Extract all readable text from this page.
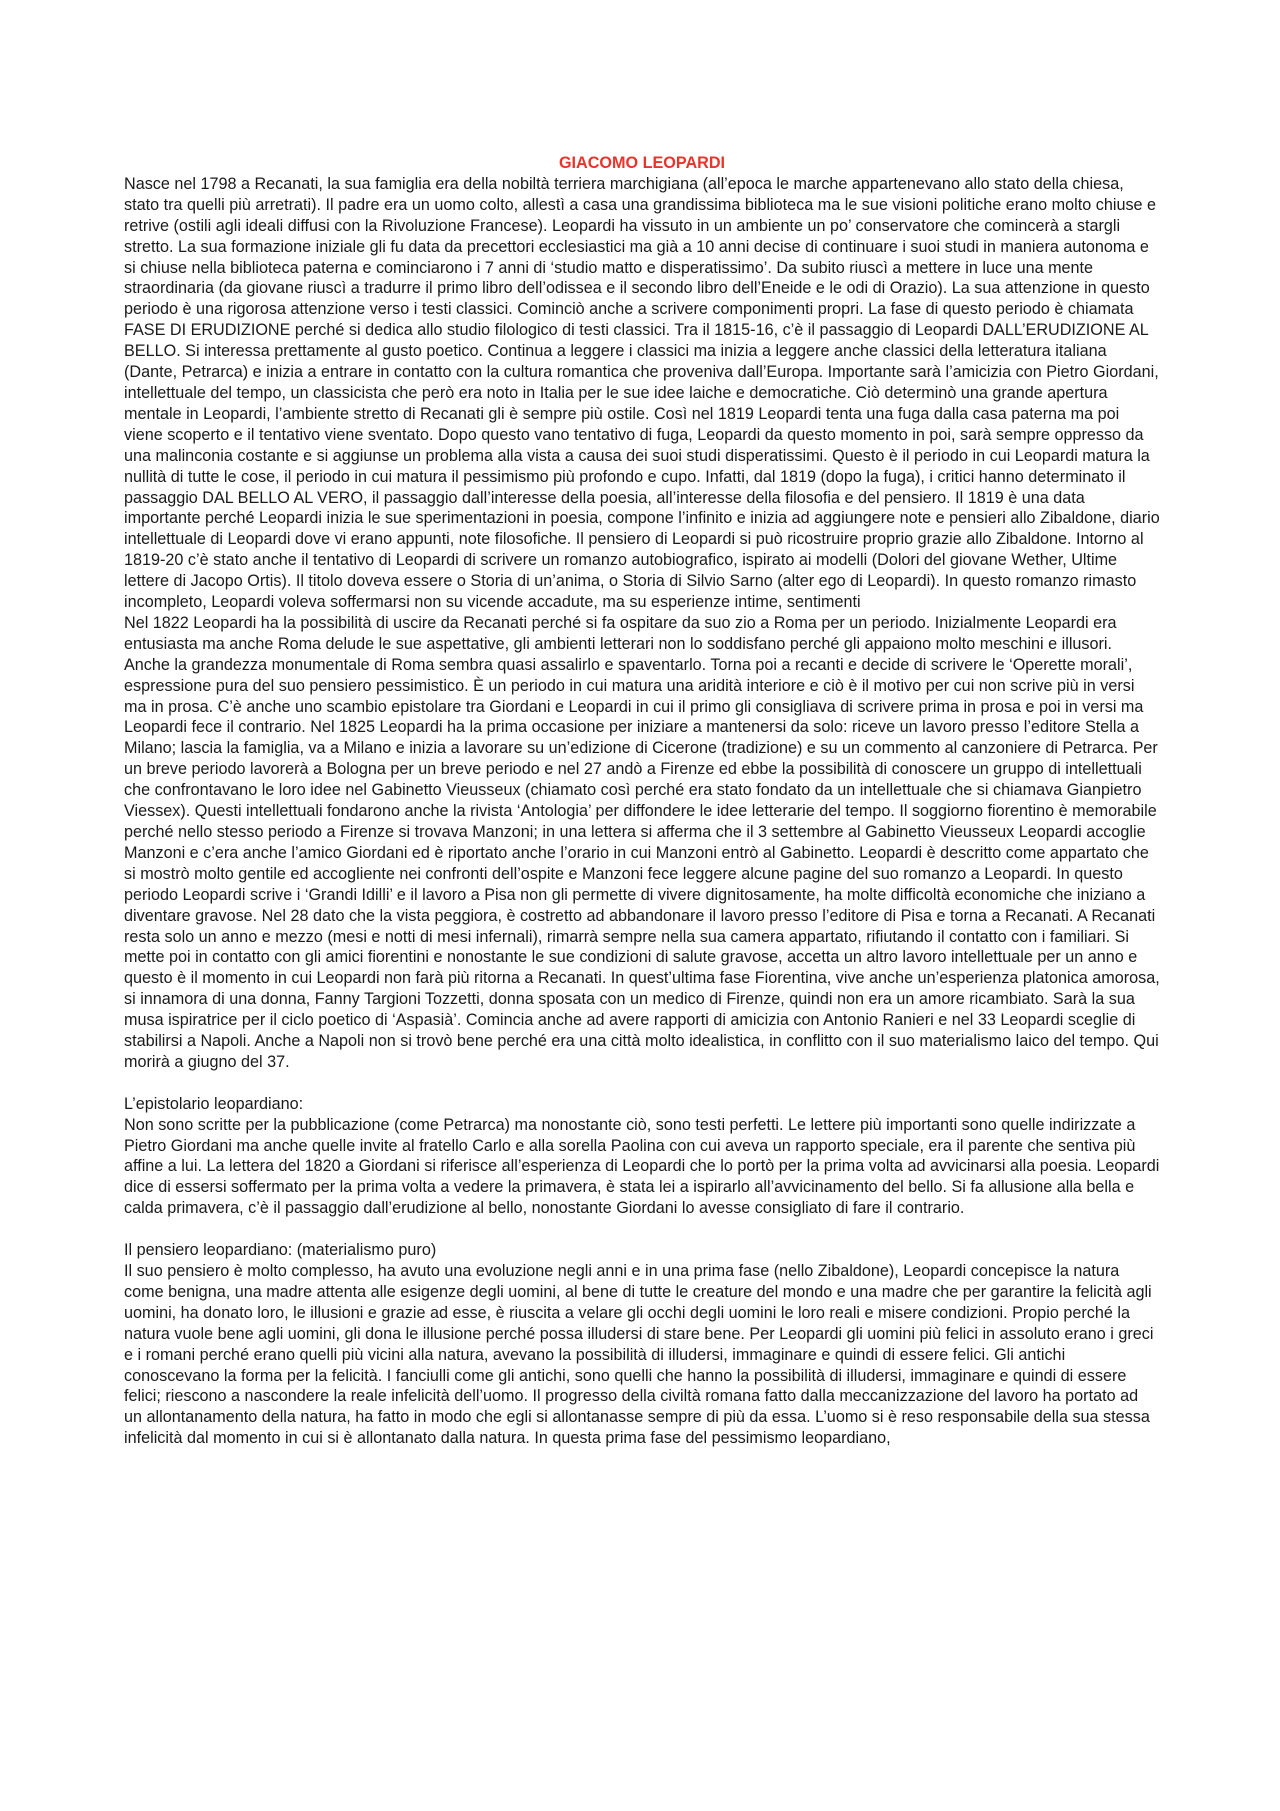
GIACOMO LEOPARDI

Nasce nel 1798 a Recanati, la sua famiglia era della nobiltà terriera marchigiana (all’epoca le marche appartenevano allo stato della chiesa, stato tra quelli più arretrati). Il padre era un uomo colto, allestì a casa una grandissima biblioteca ma le sue visioni politiche erano molto chiuse e retrive (ostili agli ideali diffusi con la Rivoluzione Francese). Leopardi ha vissuto in un ambiente un po’ conservatore che comincerà a stargli stretto. La sua formazione iniziale gli fu data da precettori ecclesiastici ma già a 10 anni decise di continuare i suoi studi in maniera autonoma e si chiuse nella biblioteca paterna e cominciarono i 7 anni di ‘studio matto e disperatissimo’. Da subito riuscì a mettere in luce una mente straordinaria (da giovane riuscì a tradurre il primo libro dell’odissea e il secondo libro dell’Eneide e le odi di Orazio). La sua attenzione in questo periodo è una rigorosa attenzione verso i testi classici. Cominciò anche a scrivere componimenti propri. La fase di questo periodo è chiamata FASE DI ERUDIZIONE perché si dedica allo studio filologico di testi classici. Tra il 1815-16, c’è il passaggio di Leopardi DALL’ERUDIZIONE AL BELLO. Si interessa prettamente al gusto poetico. Continua a leggere i classici ma inizia a leggere anche classici della letteratura italiana (Dante, Petrarca) e inizia a entrare in contatto con la cultura romantica che proveniva dall’Europa. Importante sarà l’amicizia con Pietro Giordani, intellettuale del tempo, un classicista che però era noto in Italia per le sue idee laiche e democratiche. Ciò determinò una grande apertura mentale in Leopardi, l’ambiente stretto di Recanati gli è sempre più ostile. Così nel 1819 Leopardi tenta una fuga dalla casa paterna ma poi viene scoperto e il tentativo viene sventato. Dopo questo vano tentativo di fuga, Leopardi da questo momento in poi, sarà sempre oppresso da una malinconia costante e si aggiunse un problema alla vista a causa dei suoi studi disperatissimi. Questo è il periodo in cui Leopardi matura la nullità di tutte le cose, il periodo in cui matura il pessimismo più profondo e cupo. Infatti, dal 1819 (dopo la fuga), i critici hanno determinato il passaggio DAL BELLO AL VERO, il passaggio dall’interesse della poesia, all’interesse della filosofia e del pensiero. Il 1819 è una data importante perché Leopardi inizia le sue sperimentazioni in poesia, compone l’infinito e inizia ad aggiungere note e pensieri allo Zibaldone, diario intellettuale di Leopardi dove vi erano appunti, note filosofiche. Il pensiero di Leopardi si può ricostruire proprio grazie allo Zibaldone. Intorno al 1819-20 c’è stato anche il tentativo di Leopardi di scrivere un romanzo autobiografico, ispirato ai modelli (Dolori del giovane Wether, Ultime lettere di Jacopo Ortis). Il titolo doveva essere o Storia di un’anima, o Storia di Silvio Sarno (alter ego di Leopardi). In questo romanzo rimasto incompleto, Leopardi voleva soffermarsi non su vicende accadute, ma su esperienze intime, sentimenti

Nel 1822 Leopardi ha la possibilità di uscire da Recanati perché si fa ospitare da suo zio a Roma per un periodo. Inizialmente Leopardi era entusiasta ma anche Roma delude le sue aspettative, gli ambienti letterari non lo soddisfano perché gli appaiono molto meschini e illusori. Anche la grandezza monumentale di Roma sembra quasi assalirlo e spaventarlo. Torna poi a recanti e decide di scrivere le ‘Operette morali’, espressione pura del suo pensiero pessimistico. È un periodo in cui matura una aridità interiore e ciò è il motivo per cui non scrive più in versi ma in prosa. C’è anche uno scambio epistolare tra Giordani e Leopardi in cui il primo gli consigliava di scrivere prima in prosa e poi in versi ma Leopardi fece il contrario. Nel 1825 Leopardi ha la prima occasione per iniziare a mantenersi da solo: riceve un lavoro presso l’editore Stella a Milano; lascia la famiglia, va a Milano e inizia a lavorare su un’edizione di Cicerone (tradizione) e su un commento al canzoniere di Petrarca. Per un breve periodo lavorerà a Bologna per un breve periodo e nel 27 andò a Firenze ed ebbe la possibilità di conoscere un gruppo di intellettuali che confrontavano le loro idee nel Gabinetto Vieusseux (chiamato così perché era stato fondato da un intellettuale che si chiamava Gianpietro Viessex). Questi intellettuali fondarono anche la rivista ‘Antologia’ per diffondere le idee letterarie del tempo. Il soggiorno fiorentino è memorabile perché nello stesso periodo a Firenze si trovava Manzoni; in una lettera si afferma che il 3 settembre al Gabinetto Vieusseux Leopardi accoglie Manzoni e c’era anche l’amico Giordani ed è riportato anche l’orario in cui Manzoni entrò al Gabinetto. Leopardi è descritto come appartato che si mostrò molto gentile ed accogliente nei confronti dell’ospite e Manzoni fece leggere alcune pagine del suo romanzo a Leopardi. In questo periodo Leopardi scrive i ‘Grandi Idilli’ e il lavoro a Pisa non gli permette di vivere dignitosamente, ha molte difficoltà economiche che iniziano a diventare gravose. Nel 28 dato che la vista peggiora, è costretto ad abbandonare il lavoro presso l’editore di Pisa e torna a Recanati. A Recanati resta solo un anno e mezzo (mesi e notti di mesi infernali), rimarrà sempre nella sua camera appartato, rifiutando il contatto con i familiari. Si mette poi in contatto con gli amici fiorentini e nonostante le sue condizioni di salute gravose, accetta un altro lavoro intellettuale per un anno e questo è il momento in cui Leopardi non farà più ritorna a Recanati. In quest’ultima fase Fiorentina, vive anche un’esperienza platonica amorosa, si innamora di una donna, Fanny Targioni Tozzetti, donna sposata con un medico di Firenze, quindi non era un amore ricambiato. Sarà la sua musa ispiratrice per il ciclo poetico di ‘Aspasià’. Comincia anche ad avere rapporti di amicizia con Antonio Ranieri e nel 33 Leopardi sceglie di stabilirsi a Napoli. Anche a Napoli non si trovò bene perché era una città molto idealistica, in conflitto con il suo materialismo laico del tempo. Qui morirà a giugno del 37.

L’epistolario leopardiano:

Non sono scritte per la pubblicazione (come Petrarca) ma nonostante ciò, sono testi perfetti. Le lettere più importanti sono quelle indirizzate a Pietro Giordani ma anche quelle invite al fratello Carlo e alla sorella Paolina con cui aveva un rapporto speciale, era il parente che sentiva più affine a lui. La lettera del 1820 a Giordani si riferisce all’esperienza di Leopardi che lo portò per la prima volta ad avvicinarsi alla poesia. Leopardi dice di essersi soffermato per la prima volta a vedere la primavera, è stata lei a ispirarlo all’avvicinamento del bello. Si fa allusione alla bella e calda primavera, c’è il passaggio dall’erudizione al bello, nonostante Giordani lo avesse consigliato di fare il contrario.

Il pensiero leopardiano: (materialismo puro)

Il suo pensiero è molto complesso, ha avuto una evoluzione negli anni e in una prima fase (nello Zibaldone), Leopardi concepisce la natura come benigna, una madre attenta alle esigenze degli uomini, al bene di tutte le creature del mondo e una madre che per garantire la felicità agli uomini, ha donato loro, le illusioni e grazie ad esse, è riuscita a velare gli occhi degli uomini le loro reali e misere condizioni. Propio perché la natura vuole bene agli uomini, gli dona le illusione perché possa illudersi di stare bene. Per Leopardi gli uomini più felici in assoluto erano i greci e i romani perché erano quelli più vicini alla natura, avevano la possibilità di illudersi, immaginare e quindi di essere felici. Gli antichi conoscevano la forma per la felicità. I fanciulli come gli antichi, sono quelli che hanno la possibilità di illudersi, immaginare e quindi di essere felici; riescono a nascondere la reale infelicità dell’uomo. Il progresso della civiltà romana fatto dalla meccanizzazione del lavoro ha portato ad un allontanamento della natura, ha fatto in modo che egli si allontanasse sempre di più da essa. L’uomo si è reso responsabile della sua stessa infelicità dal momento in cui si è allontanato dalla natura. In questa prima fase del pessimismo leopardiano,
